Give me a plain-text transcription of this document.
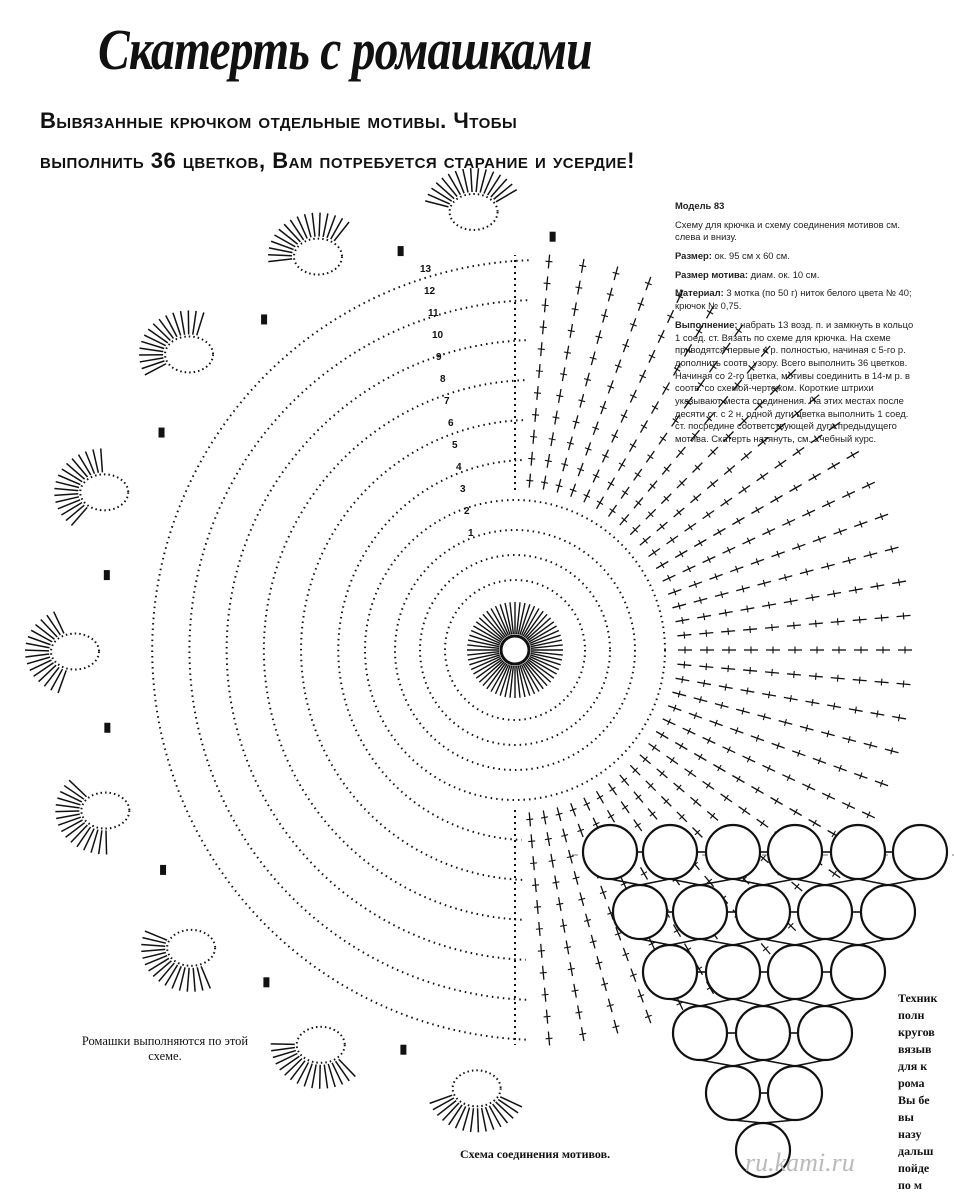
Скатерть с ромашками
Вывязанные крючком отдельные мотивы. Чтобы
выполнить 36 цветков, Вам потребуется старание и усердие!

Модель 83

Схему для крючка и схему соединения мотивов см. слева и внизу.

Размер: ок. 95 см х 60 см.

Размер мотива: диам. ок. 10 см.

Материал: 3 мотка (по 50 г) ниток белого цвета № 40; крючок № 0,75.

Выполнение: набрать 13 возд. п. и замкнуть в кольцо 1 соед. ст. Вязать по схеме для крючка. На схеме приводятся первые 4 р. полностью, начиная с 5-го р. дополнить соотв. узору. Всего выполнить 36 цветков. Начиная со 2-го цветка, мотивы соединить в 14-м р. в соотв. со схемой-чертежом. Короткие штрихи указывают места соединения. На этих местах после десяти ст. с 2 н. одной дуги цветка выполнить 1 соед. ст. посредине соответствующей дуги предыдущего мотива. Скатерть натянуть, см. Учебный курс.

13
12
11
10
9
8
7
6
5
4
3
2
1
Ромашки выполняются по этой схеме.
Схема соединения мотивов.
Техник
полн
кругов
вязыв
для к
рома
Вы бе
вы
назу
дальш
пойде
по м
ru.kami.ru
